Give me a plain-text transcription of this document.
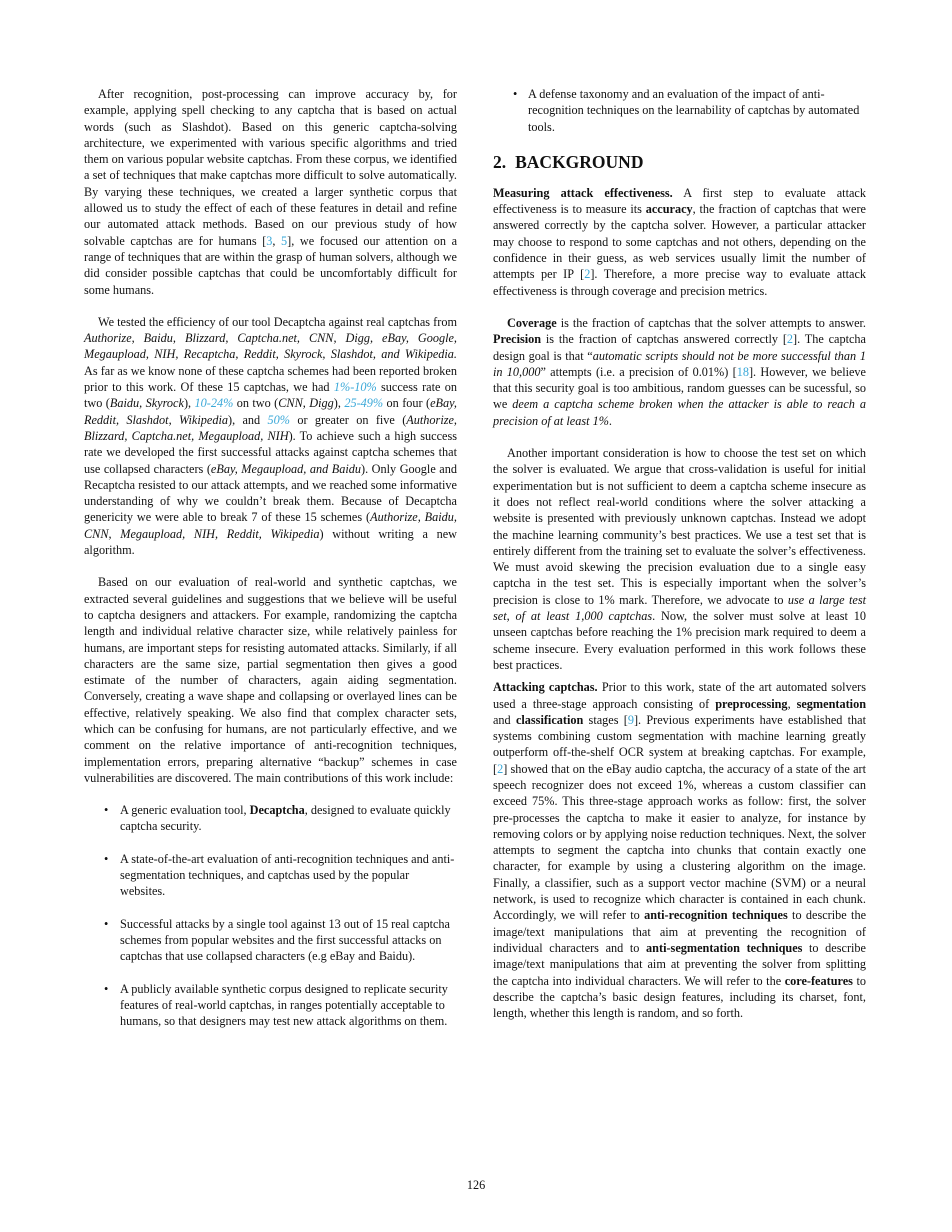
After recognition, post-processing can improve accuracy by, for example, applying spell checking to any captcha that is based on actual words (such as Slashdot). Based on this generic captcha-solving architecture, we experimented with various specific algorithms and tried them on various popular website captchas. From these corpus, we identified a set of techniques that make captchas more difficult to solve automatically. By varying these techniques, we created a larger synthetic corpus that allowed us to study the effect of each of these features in detail and refine our automated attack methods. Based on our previous study of how solvable captchas are for humans [3, 5], we focused our attention on a range of techniques that are within the grasp of human solvers, although we did consider possible captchas that could be uncomfortably difficult for some humans.

We tested the efficiency of our tool Decaptcha against real captchas from Authorize, Baidu, Blizzard, Captcha.net, CNN, Digg, eBay, Google, Megaupload, NIH, Recaptcha, Reddit, Skyrock, Slashdot, and Wikipedia. As far as we know none of these captcha schemes had been reported broken prior to this work. Of these 15 captchas, we had 1%-10% success rate on two (Baidu, Skyrock), 10-24% on two (CNN, Digg), 25-49% on four (eBay, Reddit, Slashdot, Wikipedia), and 50% or greater on five (Authorize, Blizzard, Captcha.net, Megaupload, NIH). To achieve such a high success rate we developed the first successful attacks against captcha schemes that use collapsed characters (eBay, Megaupload, and Baidu). Only Google and Recaptcha resisted to our attack attempts, and we reached some informative understanding of why we couldn’t break them. Because of Decaptcha genericity we were able to break 7 of these 15 schemes (Authorize, Baidu, CNN, Megaupload, NIH, Reddit, Wikipedia) without writing a new algorithm.

Based on our evaluation of real-world and synthetic captchas, we extracted several guidelines and suggestions that we believe will be useful to captcha designers and attackers. For example, randomizing the captcha length and individual relative character size, while relatively painless for humans, are important steps for resisting automated attacks. Similarly, if all characters are the same size, partial segmentation then gives a good estimate of the number of characters, again aiding segmentation. Conversely, creating a wave shape and collapsing or overlayed lines can be effective, relatively speaking. We also find that complex character sets, which can be confusing for humans, are not particularly effective, and we comment on the relative importance of anti-recognition techniques, implementation errors, preparing alternative “backup” schemes in case vulnerabilities are discovered. The main contributions of this work include:

• A generic evaluation tool, Decaptcha, designed to evaluate quickly captcha security.
• A state-of-the-art evaluation of anti-recognition techniques and anti-segmentation techniques, and captchas used by the popular websites.
• Successful attacks by a single tool against 13 out of 15 real captcha schemes from popular websites and the first successful attacks on captchas that use collapsed characters (e.g eBay and Baidu).
• A publicly available synthetic corpus designed to replicate security features of real-world captchas, in ranges potentially acceptable to humans, so that designers may test new attack algorithms on them.
• A defense taxonomy and an evaluation of the impact of anti-recognition techniques on the learnability of captchas by automated tools.
2. BACKGROUND

Measuring attack effectiveness. A first step to evaluate attack effectiveness is to measure its accuracy, the fraction of captchas that were answered correctly by the captcha solver. However, a particular attacker may choose to respond to some captchas and not others, depending on the confidence in their guess, as web services usually limit the number of attempts per IP [2]. Therefore, a more precise way to evaluate attack effectiveness is through coverage and precision metrics.

Coverage is the fraction of captchas that the solver attempts to answer. Precision is the fraction of captchas answered correctly [2]. The captcha design goal is that “automatic scripts should not be more successful than 1 in 10,000” attempts (i.e. a precision of 0.01%) [18]. However, we believe that this security goal is too ambitious, random guesses can be sucessful, so we deem a captcha scheme broken when the attacker is able to reach a precision of at least 1%.

Another important consideration is how to choose the test set on which the solver is evaluated. We argue that cross-validation is useful for initial experimentation but is not sufficient to deem a captcha scheme insecure as it does not reflect real-world conditions where the solver attacking a website is presented with previously unknown captchas. Instead we adopt the machine learning community’s best practices. We use a test set that is entirely different from the training set to evaluate the solver’s effectiveness. We must avoid skewing the precision evaluation due to a single easy captcha in the test set. This is especially important when the solver’s precision is close to 1% mark. Therefore, we advocate to use a large test set, of at least 1,000 captchas. Now, the solver must solve at least 10 unseen captchas before reaching the 1% precision mark required to deem a scheme insecure. Every evaluation performed in this work follows these best practices.

Attacking captchas. Prior to this work, state of the art automated solvers used a three-stage approach consisting of preprocessing, segmentation and classification stages [9]. Previous experiments have established that systems combining custom segmentation with machine learning greatly outperform off-the-shelf OCR system at breaking captchas. For example, [2] showed that on the eBay audio captcha, the accuracy of a state of the art speech recognizer does not exceed 1%, whereas a custom classifier can exceed 75%. This three-stage approach works as follow: first, the solver pre-processes the captcha to make it easier to analyze, for instance by removing colors or by applying noise reduction techniques. Next, the solver attempts to segment the captcha into chunks that contain exactly one character, for example by using a clustering algorithm on the image. Finally, a classifier, such as a support vector machine (SVM) or a neural network, is used to recognize which character is contained in each chunk. Accordingly, we will refer to anti-recognition techniques to describe the image/text manipulations that aim at preventing the recognition of individual characters and to anti-segmentation techniques to describe image/text manipulations that aim at preventing the solver from splitting the captcha into individual characters. We will refer to the core-features to describe the captcha’s basic design features, including its charset, font, length, whether this length is random, and so forth.

126
